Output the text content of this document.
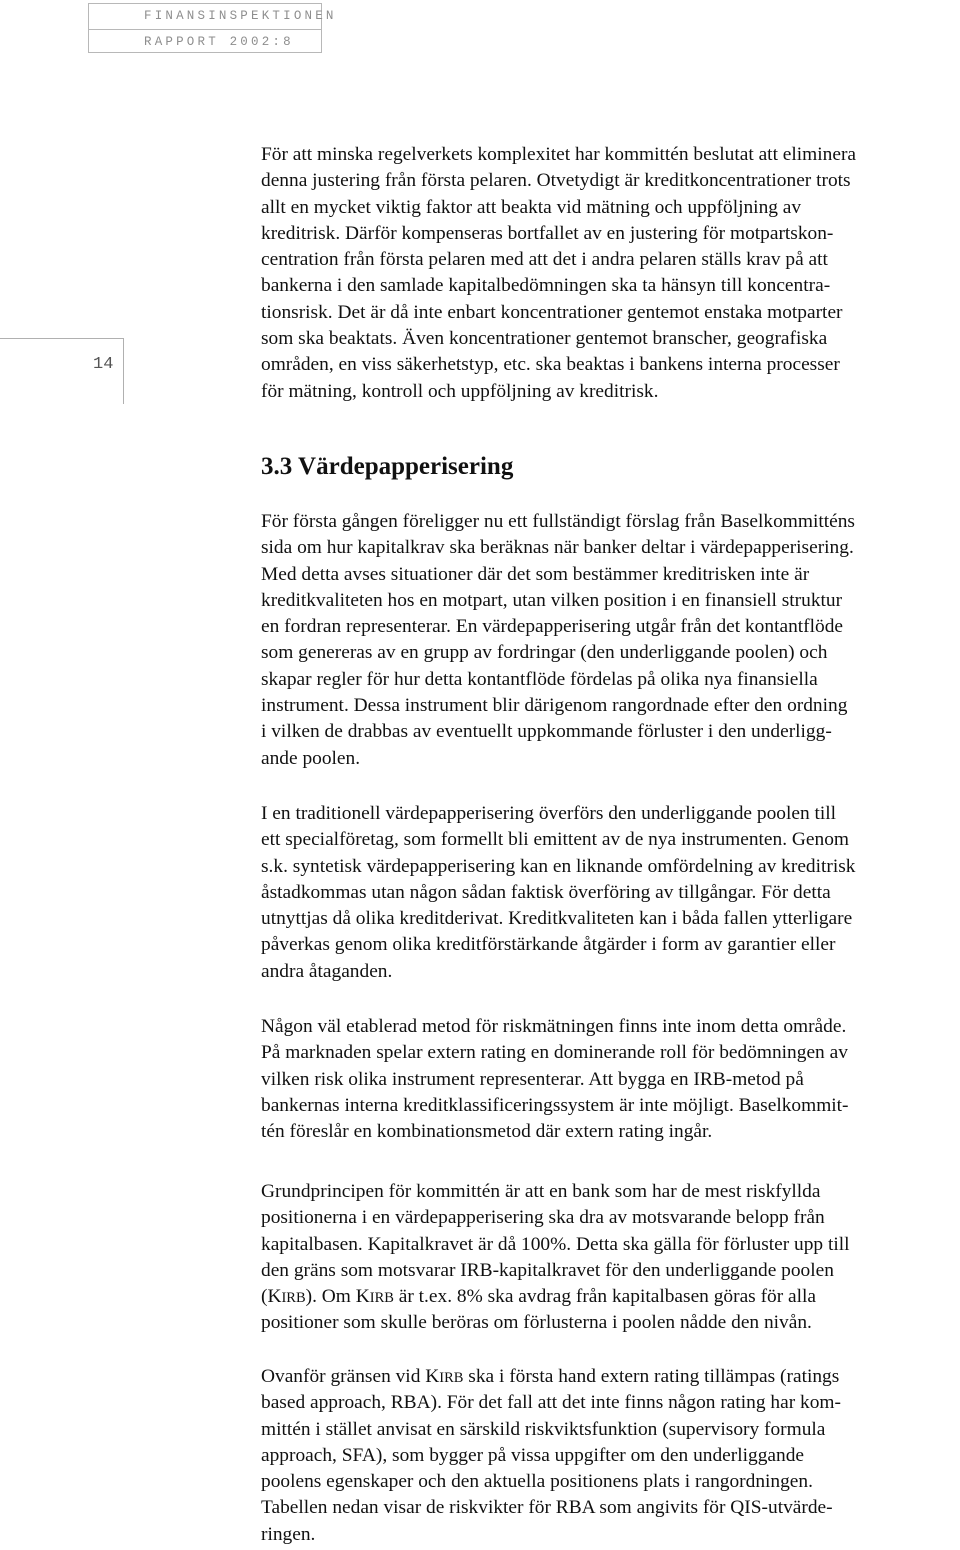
FINANSINSPEKTIONEN
RAPPORT 2002:8
14
För att minska regelverkets komplexitet har kommittén beslutat att eliminera
denna justering från första pelaren. Otvetydigt är kreditkoncentrationer trots
allt en mycket viktig faktor att beakta vid mätning och uppföljning av
kreditrisk. Därför kompenseras bortfallet av en justering för motpartskon-
centration från första pelaren med att det i andra pelaren ställs krav på att
bankerna i den samlade kapitalbedömningen ska ta hänsyn till koncentra-
tionsrisk. Det är då inte enbart koncentrationer gentemot enstaka motparter
som ska beaktats. Även koncentrationer gentemot branscher, geografiska
områden, en viss säkerhetstyp, etc. ska beaktas i bankens interna processer
för mätning, kontroll och uppföljning av kreditrisk.
3.3 Värdepapperisering
För första gången föreligger nu ett fullständigt förslag från Baselkommitténs
sida om hur kapitalkrav ska beräknas när banker deltar i värdepapperisering.
Med detta avses situationer där det som bestämmer kreditrisken inte är
kreditkvaliteten hos en motpart, utan vilken position i en finansiell struktur
en fordran representerar. En värdepapperisering utgår från det kontantflöde
som genereras av en grupp av fordringar (den underliggande poolen) och
skapar regler för hur detta kontantflöde fördelas på olika nya finansiella
instrument. Dessa instrument blir därigenom rangordnade efter den ordning
i vilken de drabbas av eventuellt uppkommande förluster i den underligg-
ande poolen.
I en traditionell värdepapperisering överförs den underliggande poolen till
ett specialföretag, som formellt bli emittent av de nya instrumenten. Genom
s.k. syntetisk värdepapperisering kan en liknande omfördelning av kreditrisk
åstadkommas utan någon sådan faktisk överföring av tillgångar. För detta
utnyttjas då olika kreditderivat. Kreditkvaliteten kan i båda fallen ytterligare
påverkas genom olika kreditförstärkande åtgärder i form av garantier eller
andra åtaganden.
Någon väl etablerad metod för riskmätningen finns inte inom detta område.
På marknaden spelar extern rating en dominerande roll för bedömningen av
vilken risk olika instrument representerar. Att bygga en IRB-metod på
bankernas interna kreditklassificeringssystem är inte möjligt. Baselkommit-
tén föreslår en kombinationsmetod där extern rating ingår.
Grundprincipen för kommittén är att en bank som har de mest riskfyllda
positionerna i en värdepapperisering ska dra av motsvarande belopp från
kapitalbasen. Kapitalkravet är då 100%. Detta ska gälla för förluster upp till
den gräns som motsvarar IRB-kapitalkravet för den underliggande poolen
(KIRB). Om KIRB är t.ex. 8% ska avdrag från kapitalbasen göras för alla
positioner som skulle beröras om förlusterna i poolen nådde den nivån.
Ovanför gränsen vid KIRB ska i första hand extern rating tillämpas (ratings
based approach, RBA). För det fall att det inte finns någon rating har kom-
mittén i stället anvisat en särskild riskviktsfunktion (supervisory formula
approach, SFA), som bygger på vissa uppgifter om den underliggande
poolens egenskaper och den aktuella positionens plats i rangordningen.
Tabellen nedan visar de riskvikter för RBA som angivits för QIS-utvärde-
ringen.
